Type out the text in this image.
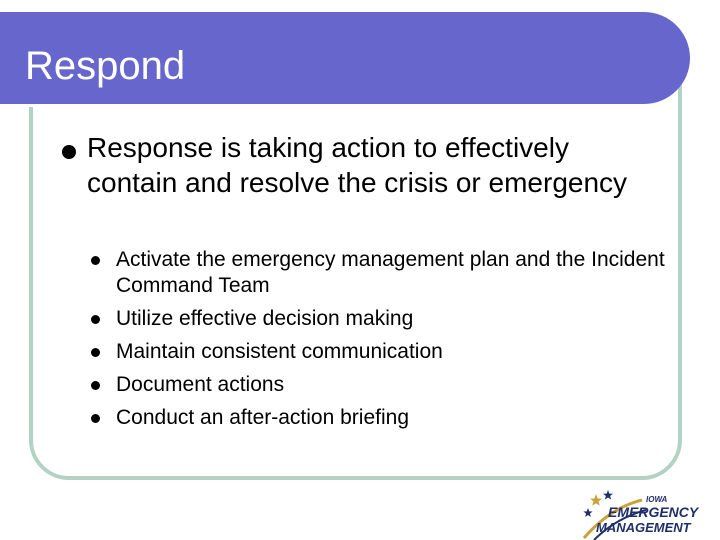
Respond

Response is taking action to effectively contain and resolve the crisis or emergency

Activate the emergency management plan and the Incident Command Team

Utilize effective decision making

Maintain consistent communication

Document actions

Conduct an after-action briefing

IOWA
EMERGENCY
MANAGEMENT
